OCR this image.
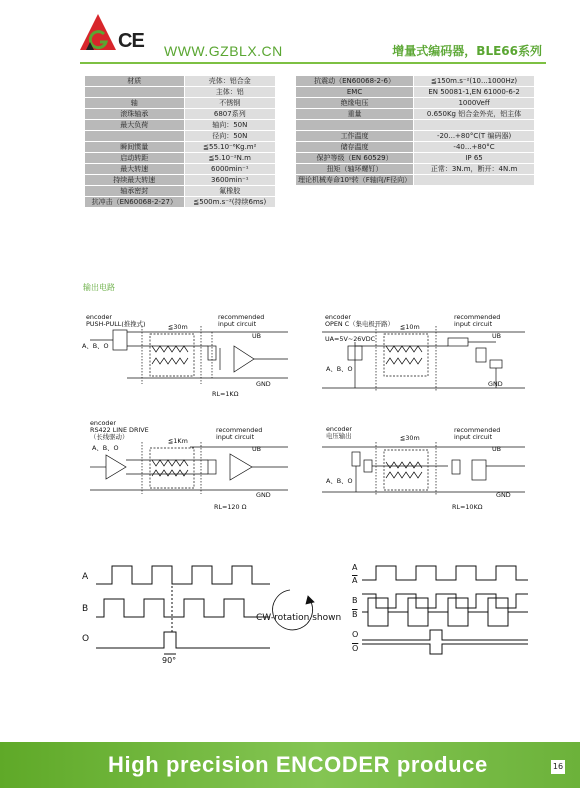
CE WWW.GZBLX.CN	增量式编码器，BLE66系列
材质	壳体：铝合金
	主体：铝
轴	不锈钢
滚珠轴承	6807系列
最大负荷	轴向：50N
	径向：50N
瞬间惯量	≦55.10⁻⁶Kg.m²
启动转距	≦5.10⁻²N.m
最大转速	6000min⁻¹
持续最大转速	3600min⁻¹
轴承密封	氟橡胶
抗冲击（EN60068-2-27）	≦500m.s⁻²(持续6ms)
抗震动（EN60068-2-6）	≦150m.s⁻²(10...1000Hz)
EMC	EN 50081-1,EN 61000-6-2
绝缘电压	1000Veff
重量	0.650Kg 铝合金外壳，铝主体

工作温度	-20...+80°C(T 编码器)
储存温度	-40...+80°C
保护等级（EN 60529）	IP 65
扭矩（轴环螺钉）	正常：3N.m，断开：4N.m
理论机械寿命10⁹转（F轴向/F径向）	
输出电路
encoder
PUSH-PULL(推挽式)	≦30m
recommended
input circuit
UB
A、B、O
GND
RL=1KΩ
encoder
OPEN C（集电极开路） ≦10m
recommended
input circuit
UA=5V~26VDC	UB
A、B、O
GND
encoder
RS422 LINE DRIVE
（长线驱动）	≦1Km
recommended
input circuit
UB
A、B、O
GND
RL=120 Ω
encoder
电压输出	≦30m
recommended
input circuit
UB
A、B、O
GND
RL=10KΩ
A
B
O
90°
CW-rotation shown
A
$\overline{A}$
B
$\overline{B}$
O
$\overline{O}$
High precision ENCODER produce	16
